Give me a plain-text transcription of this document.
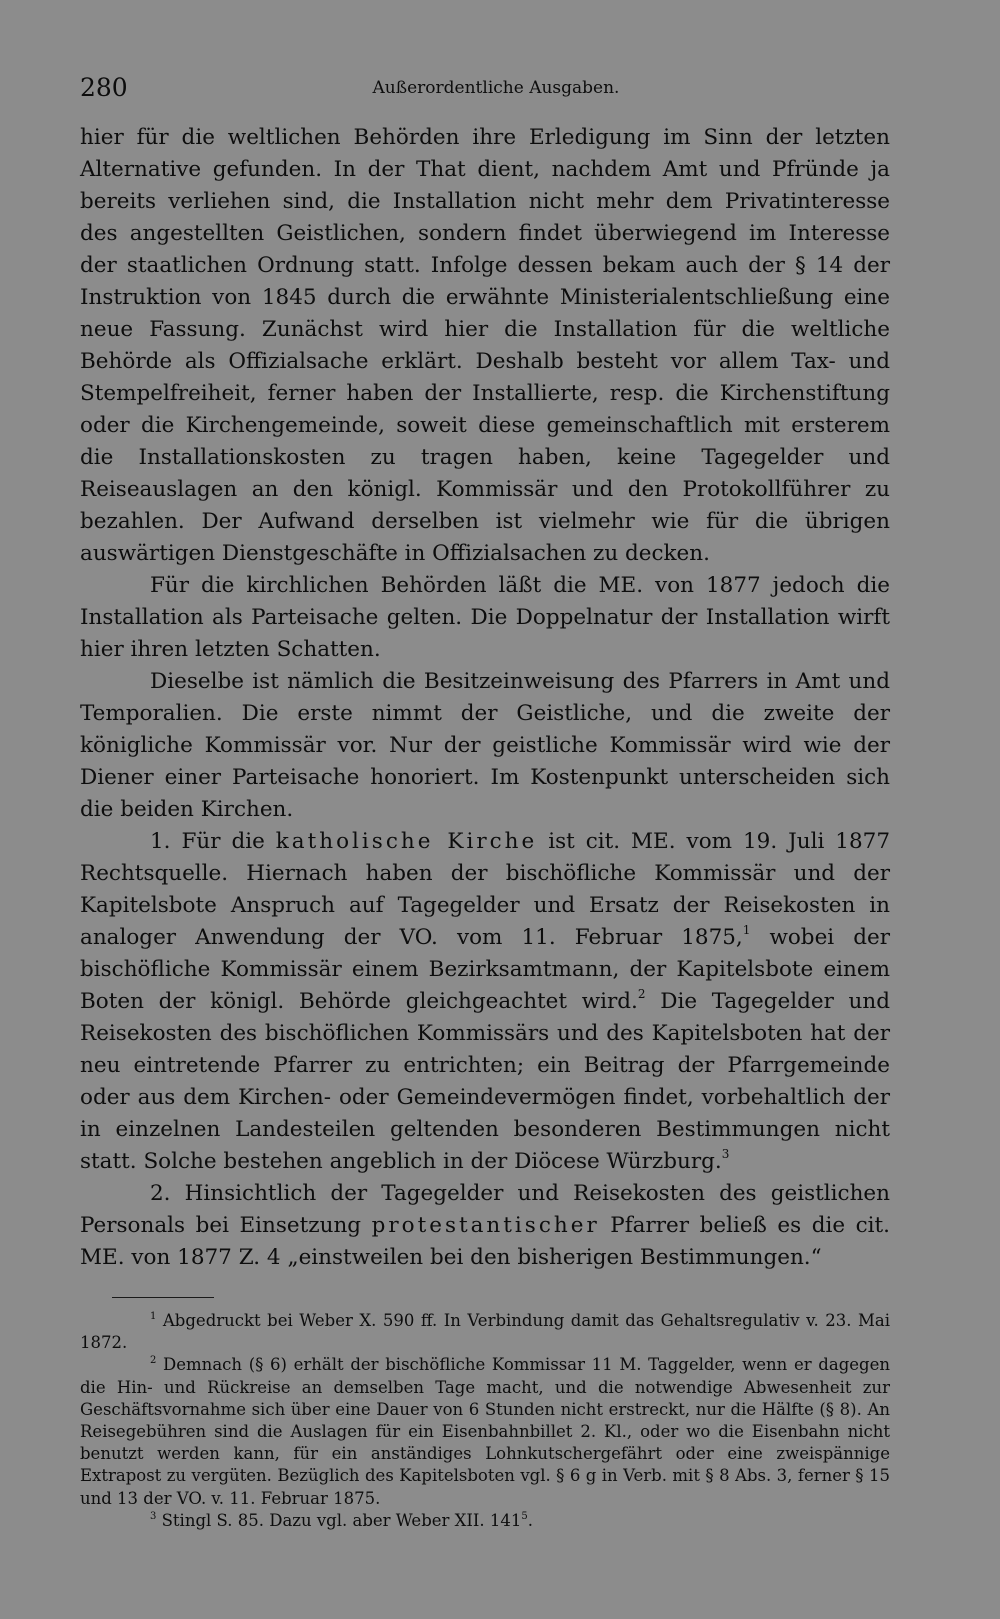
280	Außerordentliche Ausgaben.

hier für die weltlichen Behörden ihre Erledigung im Sinn der letzten Alternative gefunden. In der That dient, nachdem Amt und Pfründe ja bereits verliehen sind, die Installation nicht mehr dem Privatinteresse des angestellten Geistlichen, sondern findet überwiegend im Interesse der staatlichen Ordnung statt. Infolge dessen bekam auch der § 14 der Instruktion von 1845 durch die erwähnte Ministerialentschließung eine neue Fassung. Zunächst wird hier die Installation für die weltliche Behörde als Offizialsache erklärt. Deshalb besteht vor allem Tax- und Stempelfreiheit, ferner haben der Installierte, resp. die Kirchenstiftung oder die Kirchengemeinde, soweit diese gemeinschaftlich mit ersterem die Installationskosten zu tragen haben, keine Tagegelder und Reiseauslagen an den königl. Kommissär und den Protokollführer zu bezahlen. Der Aufwand derselben ist vielmehr wie für die übrigen auswärtigen Dienstgeschäfte in Offizialsachen zu decken.

Für die kirchlichen Behörden läßt die ME. von 1877 jedoch die Installation als Parteisache gelten. Die Doppelnatur der Installation wirft hier ihren letzten Schatten.

Dieselbe ist nämlich die Besitzeinweisung des Pfarrers in Amt und Temporalien. Die erste nimmt der Geistliche, und die zweite der königliche Kommissär vor. Nur der geistliche Kommissär wird wie der Diener einer Parteisache honoriert. Im Kostenpunkt unterscheiden sich die beiden Kirchen.

1. Für die katholische Kirche ist cit. ME. vom 19. Juli 1877 Rechtsquelle. Hiernach haben der bischöfliche Kommissär und der Kapitelsbote Anspruch auf Tagegelder und Ersatz der Reisekosten in analoger Anwendung der VO. vom 11. Februar 1875,$^1$ wobei der bischöfliche Kommissär einem Bezirksamtmann, der Kapitelsbote einem Boten der königl. Behörde gleichgeachtet wird.$^2$ Die Tagegelder und Reisekosten des bischöflichen Kommissärs und des Kapitelsboten hat der neu eintretende Pfarrer zu entrichten; ein Beitrag der Pfarrgemeinde oder aus dem Kirchen- oder Gemeindevermögen findet, vorbehaltlich der in einzelnen Landesteilen geltenden besonderen Bestimmungen nicht statt. Solche bestehen angeblich in der Diöcese Würzburg.$^3$

2. Hinsichtlich der Tagegelder und Reisekosten des geistlichen Personals bei Einsetzung protestantischer Pfarrer beließ es die cit. ME. von 1877 Z. 4 „einstweilen bei den bisherigen Bestimmungen.“

$^1$ Abgedruckt bei Weber X. 590 ff. In Verbindung damit das Gehaltsregulativ v. 23. Mai 1872.

$^2$ Demnach (§ 6) erhält der bischöfliche Kommissar 11 M. Taggelder, wenn er dagegen die Hin- und Rückreise an demselben Tage macht, und die notwendige Abwesenheit zur Geschäftsvornahme sich über eine Dauer von 6 Stunden nicht erstreckt, nur die Hälfte (§ 8). An Reisegebühren sind die Auslagen für ein Eisenbahnbillet 2. Kl., oder wo die Eisenbahn nicht benutzt werden kann, für ein anständiges Lohnkutschergefährt oder eine zweispännige Extrapost zu vergüten. Bezüglich des Kapitelsboten vgl. § 6 g in Verb. mit § 8 Abs. 3, ferner § 15 und 13 der VO. v. 11. Februar 1875.

$^3$ Stingl S. 85. Dazu vgl. aber Weber XII. $141^5$.
